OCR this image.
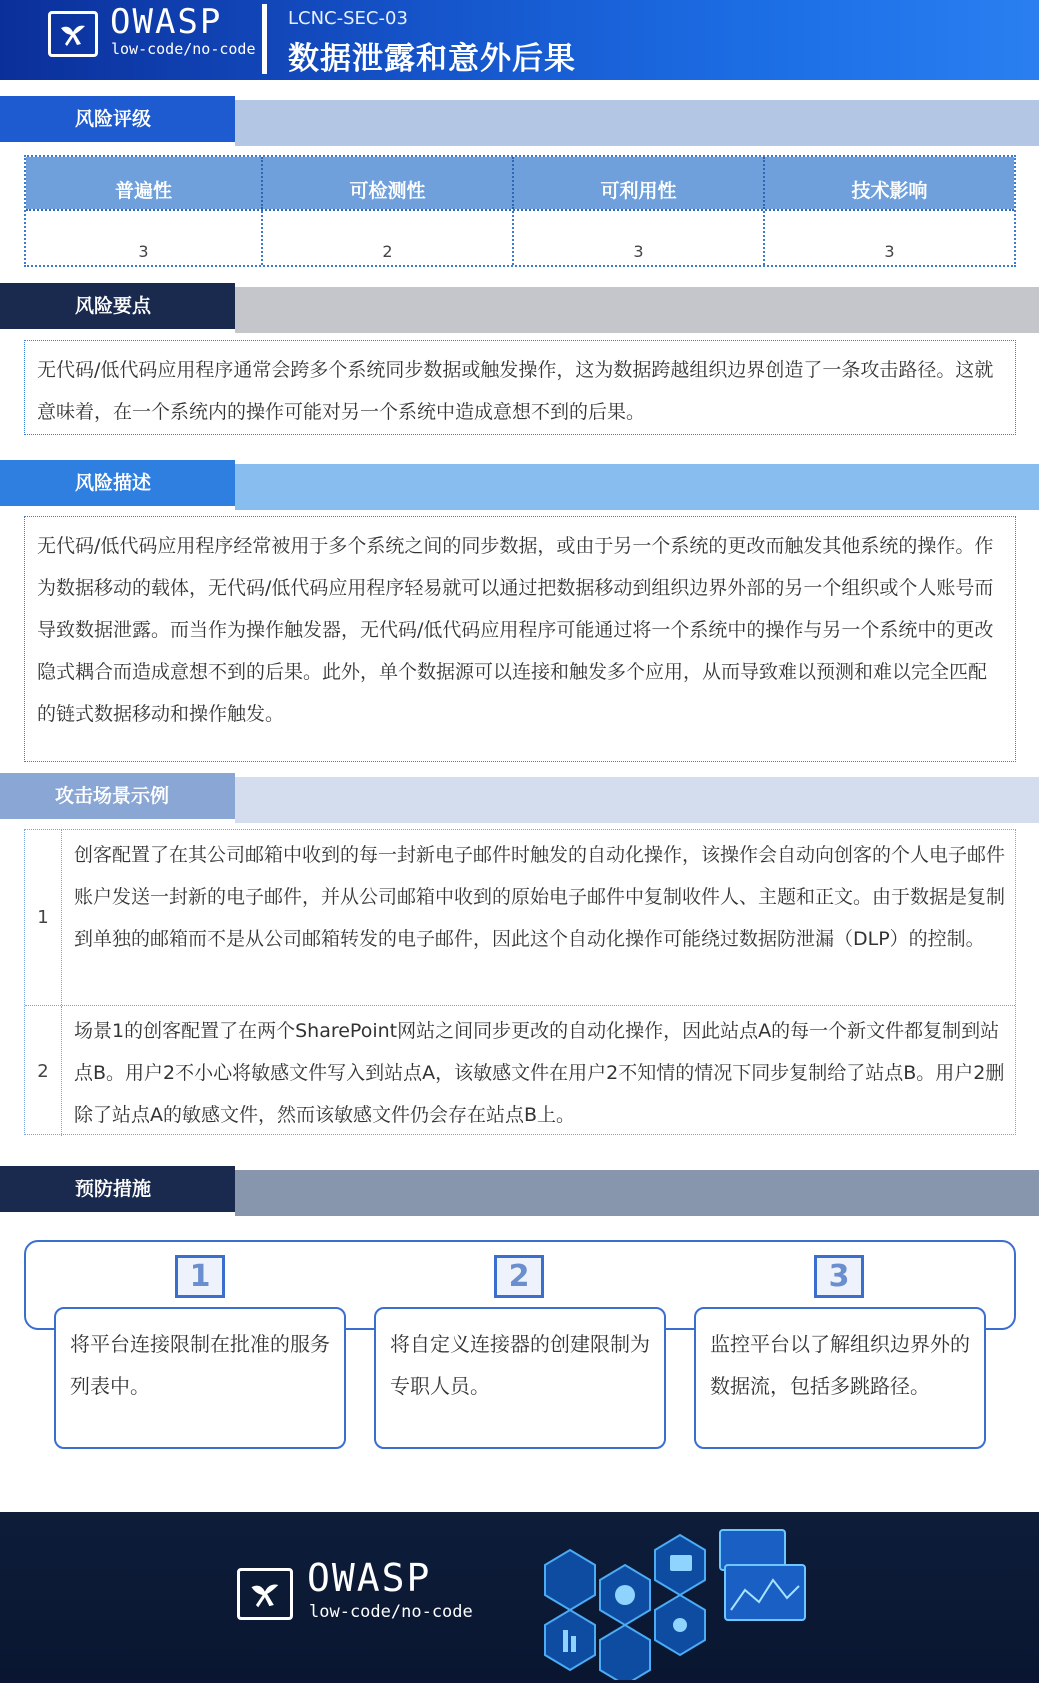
OWASP
low-code/no-code
LCNC-SEC-03
数据泄露和意外后果
风险评级
普遍性	可检测性	可利用性	技术影响
3	2	3	3
风险要点
无代码/低代码应用程序通常会跨多个系统同步数据或触发操作，这为数据跨越组织边界创造了一条攻击路径。这就意味着，在一个系统内的操作可能对另一个系统中造成意想不到的后果。
风险描述
无代码/低代码应用程序经常被用于多个系统之间的同步数据，或由于另一个系统的更改而触发其他系统的操作。作为数据移动的载体，无代码/低代码应用程序轻易就可以通过把数据移动到组织边界外部的另一个组织或个人账号而导致数据泄露。而当作为操作触发器，无代码/低代码应用程序可能通过将一个系统中的操作与另一个系统中的更改隐式耦合而造成意想不到的后果。此外，单个数据源可以连接和触发多个应用，从而导致难以预测和难以完全匹配的链式数据移动和操作触发。
攻击场景示例
1
创客配置了在其公司邮箱中收到的每一封新电子邮件时触发的自动化操作，该操作会自动向创客的个人电子邮件账户发送一封新的电子邮件，并从公司邮箱中收到的原始电子邮件中复制收件人、主题和正文。由于数据是复制到单独的邮箱而不是从公司邮箱转发的电子邮件，因此这个自动化操作可能绕过数据防泄漏（DLP）的控制。
2
场景1的创客配置了在两个SharePoint网站之间同步更改的自动化操作，因此站点A的每一个新文件都复制到站点B。用户2不小心将敏感文件写入到站点A，该敏感文件在用户2不知情的情况下同步复制给了站点B。用户2删除了站点A的敏感文件，然而该敏感文件仍会存在站点B上。
预防措施
1	2	3
将平台连接限制在批准的服务列表中。
将自定义连接器的创建限制为专职人员。
监控平台以了解组织边界外的数据流，包括多跳路径。
OWASP
low-code/no-code
